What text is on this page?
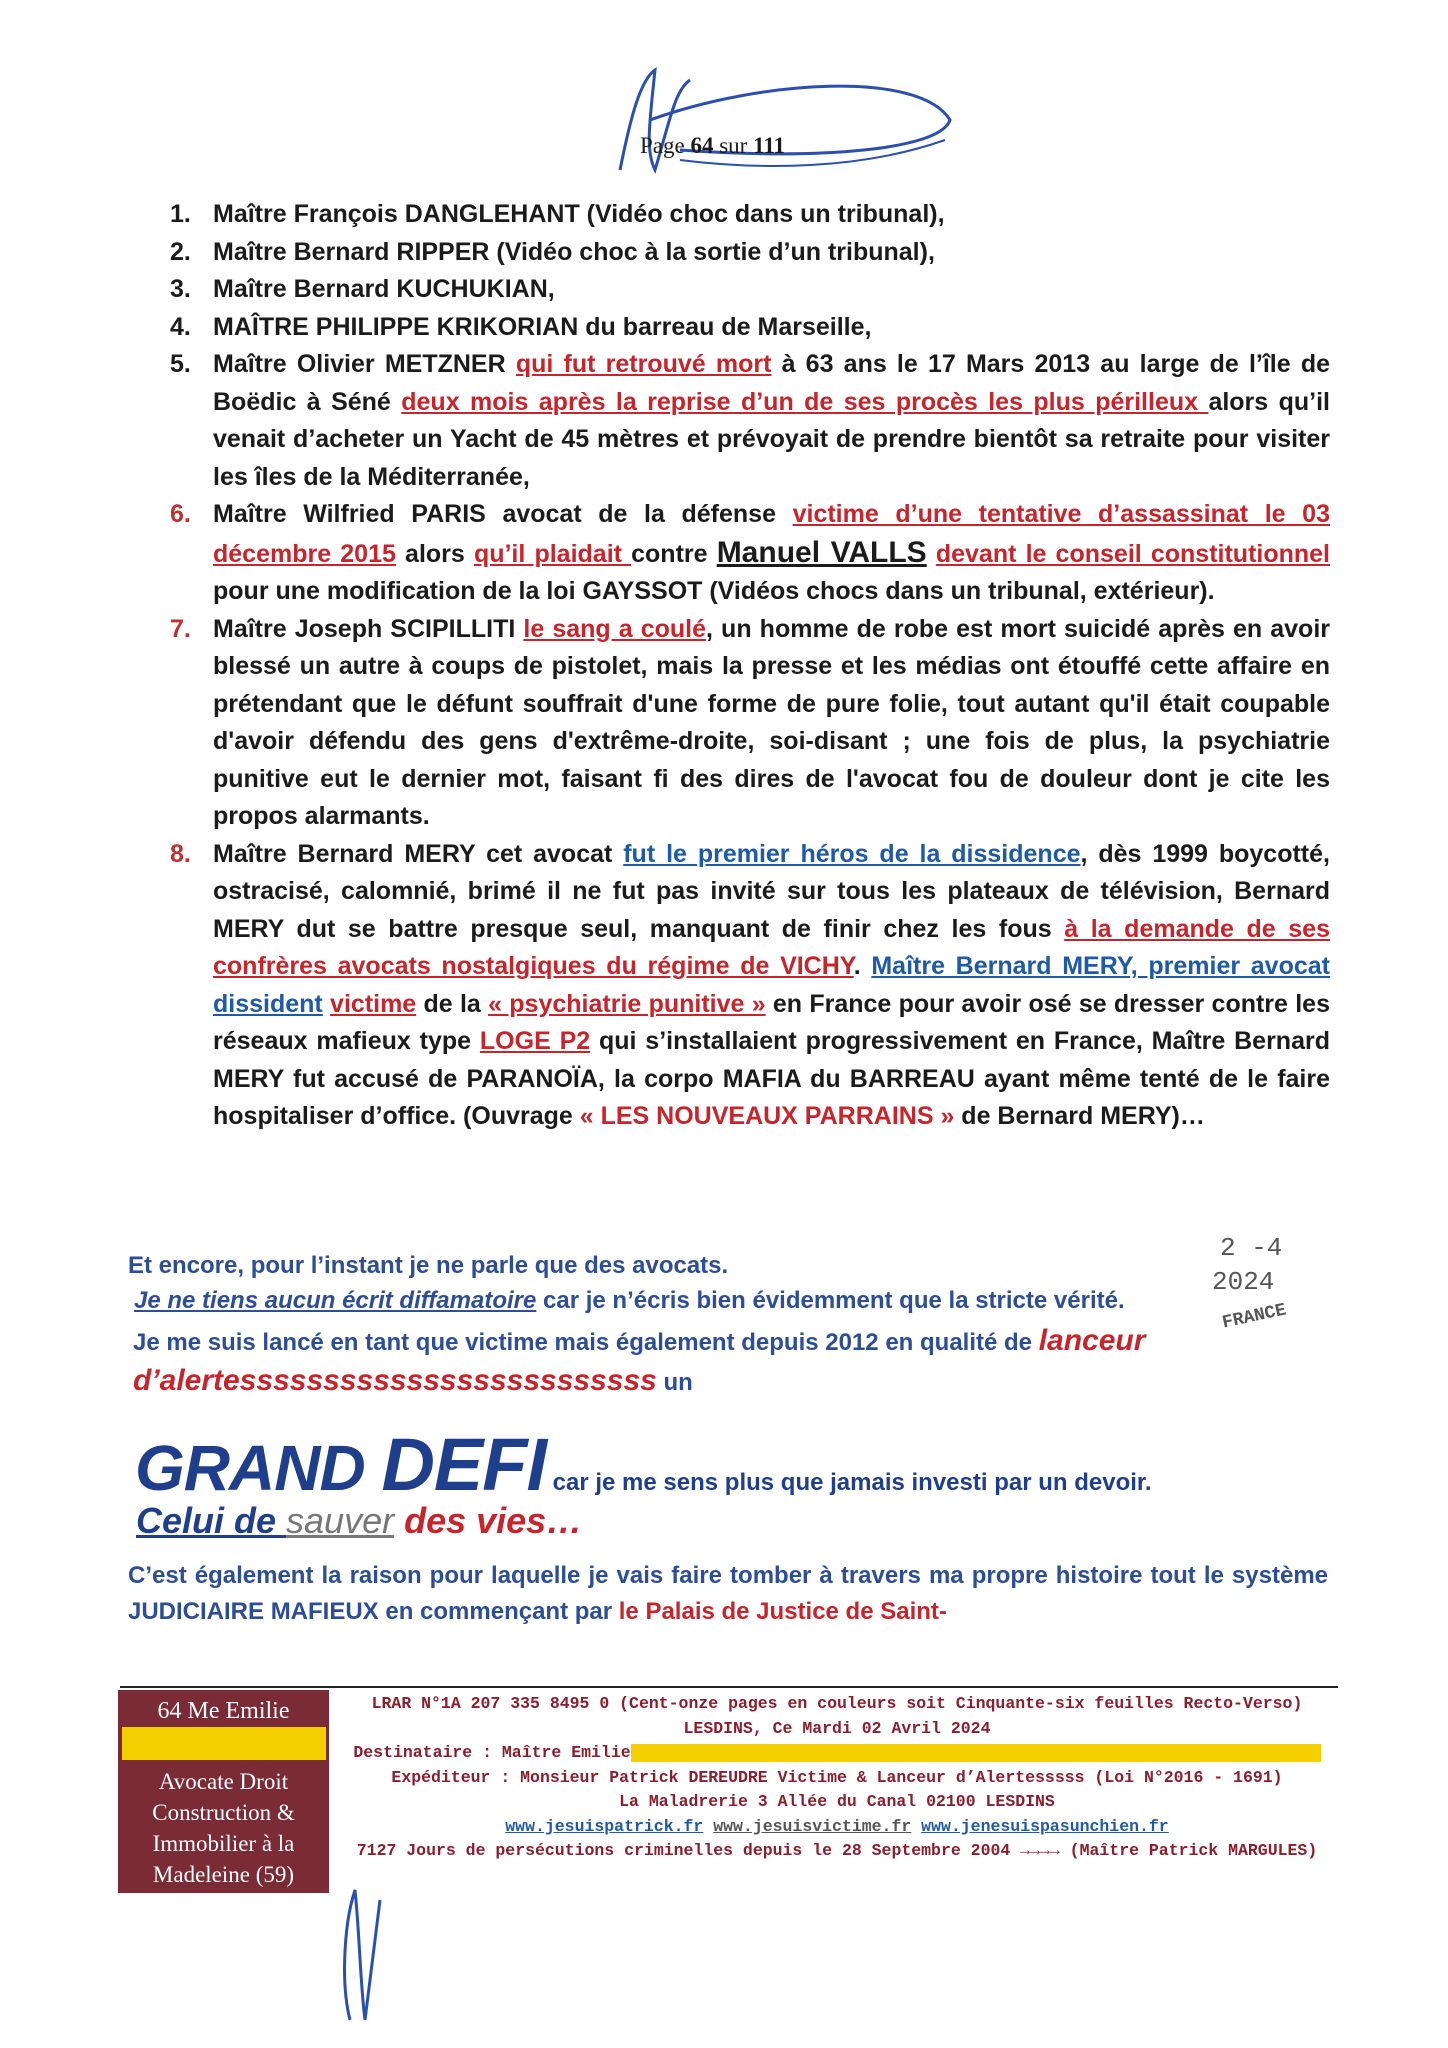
Page 64 sur 111
1. Maître François DANGLEHANT (Vidéo choc dans un tribunal),
2. Maître Bernard RIPPER (Vidéo choc à la sortie d’un tribunal),
3. Maître Bernard KUCHUKIAN,
4. MAÎTRE PHILIPPE KRIKORIAN du barreau de Marseille,
5. Maître Olivier METZNER qui fut retrouvé mort à 63 ans le 17 Mars 2013 au large de l’île de Boëdic à Séné deux mois après la reprise d’un de ses procès les plus périlleux alors qu’il venait d’acheter un Yacht de 45 mètres et prévoyait de prendre bientôt sa retraite pour visiter les îles de la Méditerranée,
6. Maître Wilfried PARIS avocat de la défense victime d’une tentative d’assassinat le 03 décembre 2015 alors qu’il plaidait contre Manuel VALLS devant le conseil constitutionnel pour une modification de la loi GAYSSOT (Vidéos chocs dans un tribunal, extérieur).
7. Maître Joseph SCIPILLITI le sang a coulé, un homme de robe est mort suicidé après en avoir blessé un autre à coups de pistolet, mais la presse et les médias ont étouffé cette affaire en prétendant que le défunt souffrait d'une forme de pure folie, tout autant qu'il était coupable d'avoir défendu des gens d'extrême-droite, soi-disant ; une fois de plus, la psychiatrie punitive eut le dernier mot, faisant fi des dires de l'avocat fou de douleur dont je cite les propos alarmants.
8. Maître Bernard MERY cet avocat fut le premier héros de la dissidence, dès 1999 boycotté, ostracisé, calomnié, brimé il ne fut pas invité sur tous les plateaux de télévision, Bernard MERY dut se battre presque seul, manquant de finir chez les fous à la demande de ses confrères avocats nostalgiques du régime de VICHY. Maître Bernard MERY, premier avocat dissident victime de la « psychiatrie punitive » en France pour avoir osé se dresser contre les réseaux mafieux type LOGE P2 qui s’installaient progressivement en France, Maître Bernard MERY fut accusé de PARANOÏA, la corpo MAFIA du BARREAU ayant même tenté de le faire hospitaliser d’office. (Ouvrage « LES NOUVEAUX PARRAINS » de Bernard MERY)…
2 -4
2024
FRANCE
Et encore, pour l’instant je ne parle que des avocats.
Je ne tiens aucun écrit diffamatoire car je n’écris bien évidemment que la stricte vérité.
Je me suis lancé en tant que victime mais également depuis 2012 en qualité de lanceur d’alertesssssssssssssssssssssssss un
GRAND DEFI car je me sens plus que jamais investi par un devoir.
Celui de sauver des vies…
C’est également la raison pour laquelle je vais faire tomber à travers ma propre histoire tout le système JUDICIAIRE MAFIEUX en commençant par le Palais de Justice de Saint-
64 Me Emilie
Avocate Droit Construction & Immobilier à la Madeleine (59)
LRAR N°1A 207 335 8495 0 (Cent-onze pages en couleurs soit Cinquante-six feuilles Recto-Verso)
LESDINS, Ce Mardi 02 Avril 2024
Destinataire : Maître Emilie
Expéditeur : Monsieur Patrick DEREUDRE Victime & Lanceur d’Alertesssss (Loi N°2016 - 1691)
La Maladrerie 3 Allée du Canal 02100 LESDINS
www.jesuispatrick.fr www.jesuisvictime.fr www.jenesuispasunchien.fr
7127 Jours de persécutions criminelles depuis le 28 Septembre 2004 →→→→ (Maître Patrick MARGULES)
